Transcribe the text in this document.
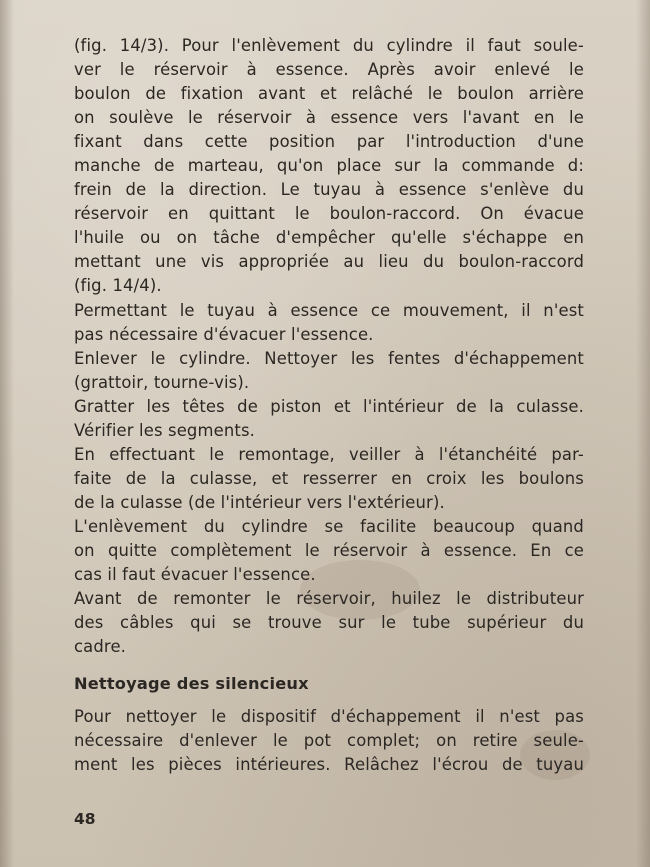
(fig. 14/3). Pour l'enlèvement du cylindre il faut soule-
ver le réservoir à essence. Après avoir enlevé le
boulon de fixation avant et relâché le boulon arrière
on soulève le réservoir à essence vers l'avant en le
fixant dans cette position par l'introduction d'une
manche de marteau, qu'on place sur la commande d:
frein de la direction. Le tuyau à essence s'enlève du
réservoir en quittant le boulon-raccord. On évacue
l'huile ou on tâche d'empêcher qu'elle s'échappe en
mettant une vis appropriée au lieu du boulon-raccord
(fig. 14/4).

Permettant le tuyau à essence ce mouvement, il n'est
pas nécessaire d'évacuer l'essence.

Enlever le cylindre. Nettoyer les fentes d'échappement
(grattoir, tourne-vis).

Gratter les têtes de piston et l'intérieur de la culasse.
Vérifier les segments.

En effectuant le remontage, veiller à l'étanchéité par-
faite de la culasse, et resserrer en croix les boulons
de la culasse (de l'intérieur vers l'extérieur).

L'enlèvement du cylindre se facilite beaucoup quand
on quitte complètement le réservoir à essence. En ce
cas il faut évacuer l'essence.

Avant de remonter le réservoir, huilez le distributeur
des câbles qui se trouve sur le tube supérieur du
cadre.

Nettoyage des silencieux
Pour nettoyer le dispositif d'échappement il n'est pas
nécessaire d'enlever le pot complet; on retire seule-
ment les pièces intérieures. Relâchez l'écrou de tuyau
48
